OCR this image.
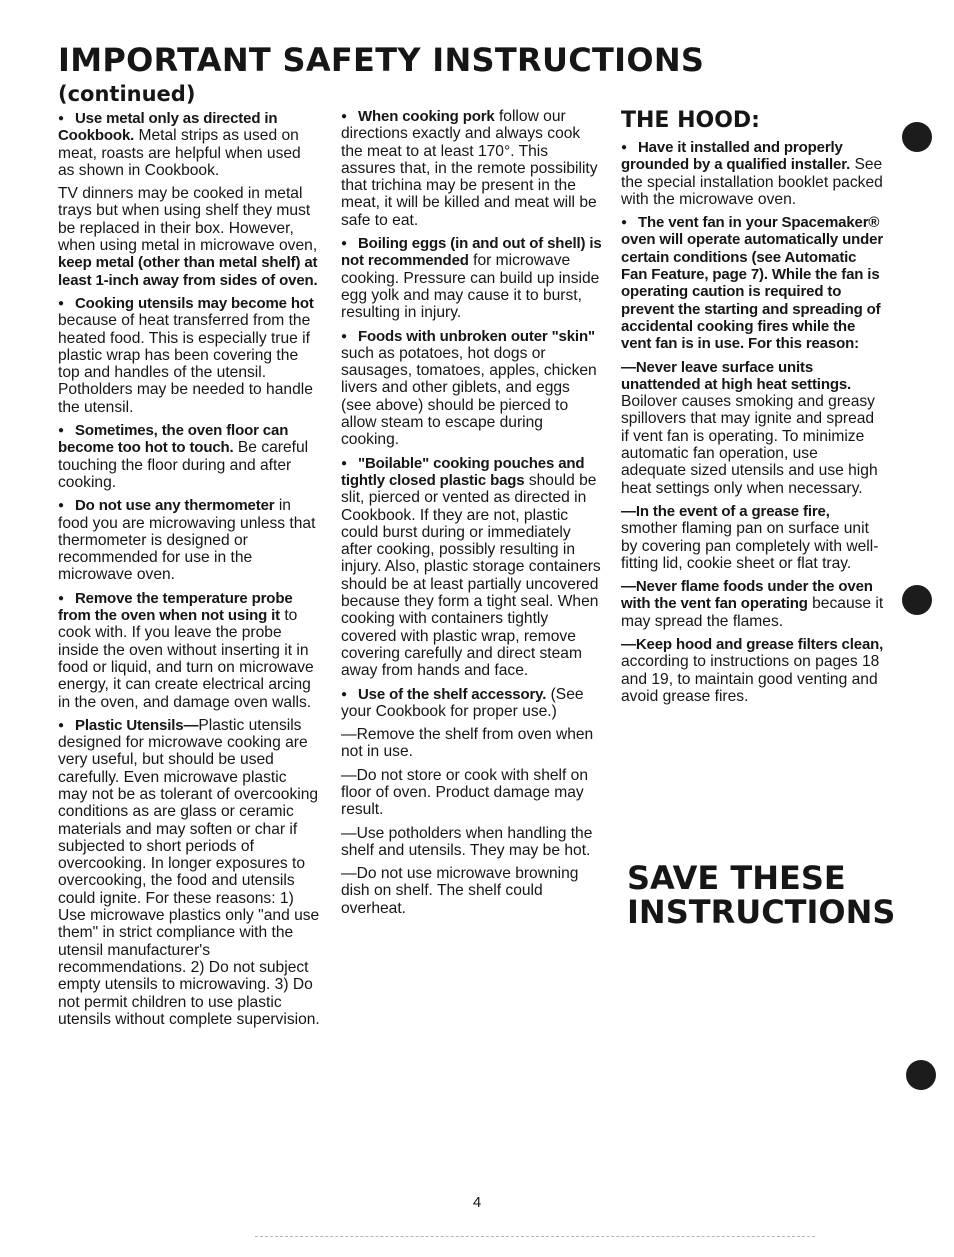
IMPORTANT SAFETY INSTRUCTIONS
(continued)

● Use metal only as directed in Cookbook. Metal strips as used on meat, roasts are helpful when used as shown in Cookbook.

TV dinners may be cooked in metal trays but when using shelf they must be replaced in their box. However, when using metal in microwave oven, keep metal (other than metal shelf) at least 1-inch away from sides of oven.

● Cooking utensils may become hot because of heat transferred from the heated food. This is especially true if plastic wrap has been covering the top and handles of the utensil. Potholders may be needed to handle the utensil.

● Sometimes, the oven floor can become too hot to touch. Be careful touching the floor during and after cooking.

● Do not use any thermometer in food you are microwaving unless that thermometer is designed or recommended for use in the microwave oven.

● Remove the temperature probe from the oven when not using it to cook with. If you leave the probe inside the oven without inserting it in food or liquid, and turn on microwave energy, it can create electrical arcing in the oven, and damage oven walls.

● Plastic Utensils—Plastic utensils designed for microwave cooking are very useful, but should be used carefully. Even microwave plastic may not be as tolerant of overcooking conditions as are glass or ceramic materials and may soften or char if subjected to short periods of overcooking. In longer exposures to overcooking, the food and utensils could ignite. For these reasons: 1) Use microwave plastics only "and use them" in strict compliance with the utensil manufacturer's recommendations. 2) Do not subject empty utensils to microwaving. 3) Do not permit children to use plastic utensils without complete supervision.

● When cooking pork follow our directions exactly and always cook the meat to at least 170°. This assures that, in the remote possibility that trichina may be present in the meat, it will be killed and meat will be safe to eat.

● Boiling eggs (in and out of shell) is not recommended for microwave cooking. Pressure can build up inside egg yolk and may cause it to burst, resulting in injury.

● Foods with unbroken outer "skin" such as potatoes, hot dogs or sausages, tomatoes, apples, chicken livers and other giblets, and eggs (see above) should be pierced to allow steam to escape during cooking.

● "Boilable" cooking pouches and tightly closed plastic bags should be slit, pierced or vented as directed in Cookbook. If they are not, plastic could burst during or immediately after cooking, possibly resulting in injury. Also, plastic storage containers should be at least partially uncovered because they form a tight seal. When cooking with containers tightly covered with plastic wrap, remove covering carefully and direct steam away from hands and face.

● Use of the shelf accessory. (See your Cookbook for proper use.)

—Remove the shelf from oven when not in use.

—Do not store or cook with shelf on floor of oven. Product damage may result.

—Use potholders when handling the shelf and utensils. They may be hot.

—Do not use microwave browning dish on shelf. The shelf could overheat.

THE HOOD:

● Have it installed and properly grounded by a qualified installer. See the special installation booklet packed with the microwave oven.

● The vent fan in your Spacemaker® oven will operate automatically under certain conditions (see Automatic Fan Feature, page 7). While the fan is operating caution is required to prevent the starting and spreading of accidental cooking fires while the vent fan is in use. For this reason:

—Never leave surface units unattended at high heat settings. Boilover causes smoking and greasy spillovers that may ignite and spread if vent fan is operating. To minimize automatic fan operation, use adequate sized utensils and use high heat settings only when necessary.

—In the event of a grease fire, smother flaming pan on surface unit by covering pan completely with well-fitting lid, cookie sheet or flat tray.

—Never flame foods under the oven with the vent fan operating because it may spread the flames.

—Keep hood and grease filters clean, according to instructions on pages 18 and 19, to maintain good venting and avoid grease fires.

SAVE THESE
INSTRUCTIONS
4
